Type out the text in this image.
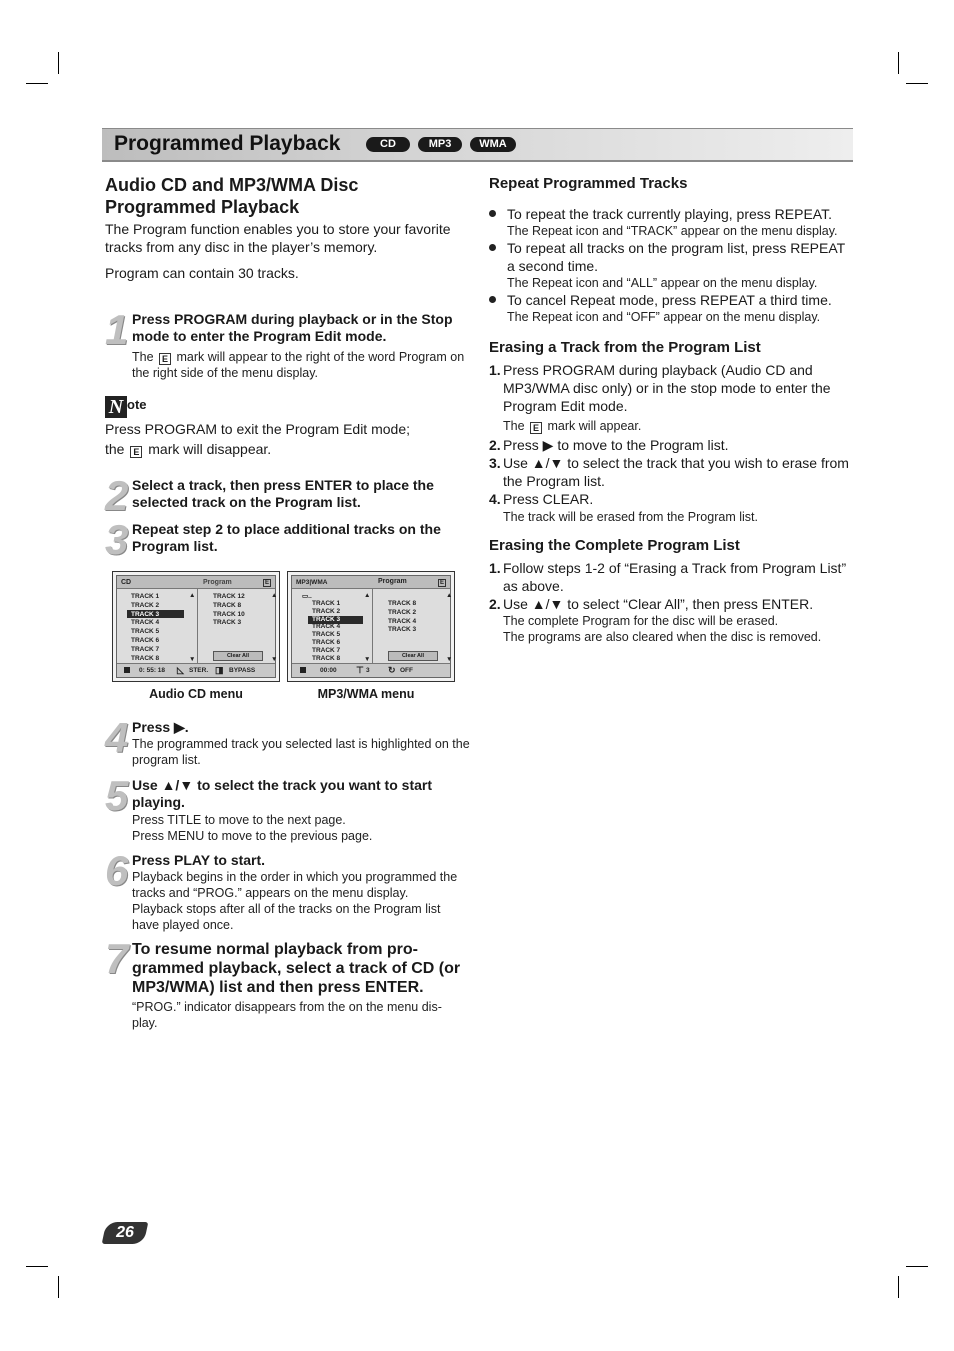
Programmed Playback	CD	MP3	WMA
Audio CD and MP3/WMA Disc
Programmed Playback
The Program function enables you to store your favorite tracks from any disc in the player’s memory.
Program can contain 30 tracks.
1 Press PROGRAM during playback or in the Stop mode to enter the Program Edit mode.
The E mark will appear to the right of the word Program on the right side of the menu display.
N ote
Press PROGRAM to exit the Program Edit mode;
the E mark will disappear.
2 Select a track, then press ENTER to place the selected track on the Program list.
3 Repeat step 2 to place additional tracks on the Program list.
CD	Program	E
TRACK 1
TRACK 2
TRACK 3
TRACK 4
TRACK 5
TRACK 6
TRACK 7
TRACK 8
TRACK 12
TRACK 8
TRACK 10
TRACK 3
▲
▼
▲
▼
Clear All
0: 55: 18 ◺ STER. ◨ BYPASS
Audio CD menu
MP3|WMA	Program	E
▭..
TRACK 1
TRACK 2
TRACK 3
TRACK 4
TRACK 5
TRACK 6
TRACK 7
TRACK 8
TRACK 8
TRACK 2
TRACK 4
TRACK 3
▲
▼
▲
▼
Clear All
00:00 ⊤ 3 ↻ OFF
MP3/WMA menu
4 Press ▶.
The programmed track you selected last is highlighted on the program list.
5 Use ▲/▼ to select the track you want to start playing.
Press TITLE to move to the next page.
Press MENU to move to the previous page.
6 Press PLAY to start.
Playback begins in the order in which you programmed the tracks and “PROG.” appears on the menu display. Playback stops after all of the tracks on the Program list have played once.
7 To resume normal playback from pro- grammed playback, select a track of CD (or MP3/WMA) list and then press ENTER.
“PROG.” indicator disappears from the on the menu dis- play.
Repeat Programmed Tracks
To repeat the track currently playing, press REPEAT.
The Repeat icon and “TRACK” appear on the menu display.
To repeat all tracks on the program list, press REPEAT a second time.
The Repeat icon and “ALL” appear on the menu display.
To cancel Repeat mode, press REPEAT a third time.
The Repeat icon and “OFF” appear on the menu display.
Erasing a Track from the Program List
1. Press PROGRAM during playback (Audio CD and MP3/WMA disc only) or in the stop mode to enter the Program Edit mode.
The E mark will appear.
2. Press ▶ to move to the Program list.
3. Use ▲/▼ to select the track that you wish to erase from the Program list.
4. Press CLEAR.
The track will be erased from the Program list.
Erasing the Complete Program List
1. Follow steps 1-2 of “Erasing a Track from Program List” as above.
2. Use ▲/▼ to select “Clear All”, then press ENTER.
The complete Program for the disc will be erased.
The programs are also cleared when the disc is removed.
26
